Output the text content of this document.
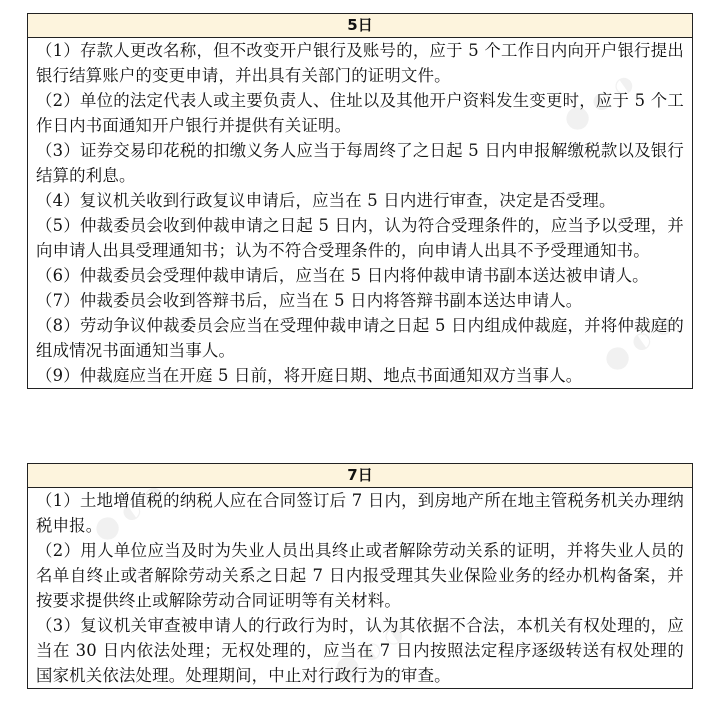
⬤ ◐ ◑
⬤ ◐ ◑
⬤ ◐ ◑
⬤ ◐ ◑
5日

（1）存款人更改名称，但不改变开户银行及账号的，应于 5 个工作日内向开户银行提出银行结算账户的变更申请，并出具有关部门的证明文件。

（2）单位的法定代表人或主要负责人、住址以及其他开户资料发生变更时，应于 5 个工作日内书面通知开户银行并提供有关证明。

（3）证券交易印花税的扣缴义务人应当于每周终了之日起 5 日内申报解缴税款以及银行结算的利息。

（4）复议机关收到行政复议申请后，应当在 5 日内进行审查，决定是否受理。

（5）仲裁委员会收到仲裁申请之日起 5 日内，认为符合受理条件的，应当予以受理，并向申请人出具受理通知书；认为不符合受理条件的，向申请人出具不予受理通知书。

（6）仲裁委员会受理仲裁申请后，应当在 5 日内将仲裁申请书副本送达被申请人。

（7）仲裁委员会收到答辩书后，应当在 5 日内将答辩书副本送达申请人。

（8）劳动争议仲裁委员会应当在受理仲裁申请之日起 5 日内组成仲裁庭，并将仲裁庭的组成情况书面通知当事人。

（9）仲裁庭应当在开庭 5 日前，将开庭日期、地点书面通知双方当事人。

7日

（1）土地增值税的纳税人应在合同签订后 7 日内，到房地产所在地主管税务机关办理纳税申报。

（2）用人单位应当及时为失业人员出具终止或者解除劳动关系的证明，并将失业人员的名单自终止或者解除劳动关系之日起 7 日内报受理其失业保险业务的经办机构备案，并按要求提供终止或解除劳动合同证明等有关材料。

（3）复议机关审查被申请人的行政行为时，认为其依据不合法，本机关有权处理的，应当在 30 日内依法处理；无权处理的，应当在 7 日内按照法定程序逐级转送有权处理的国家机关依法处理。处理期间，中止对行政行为的审查。
